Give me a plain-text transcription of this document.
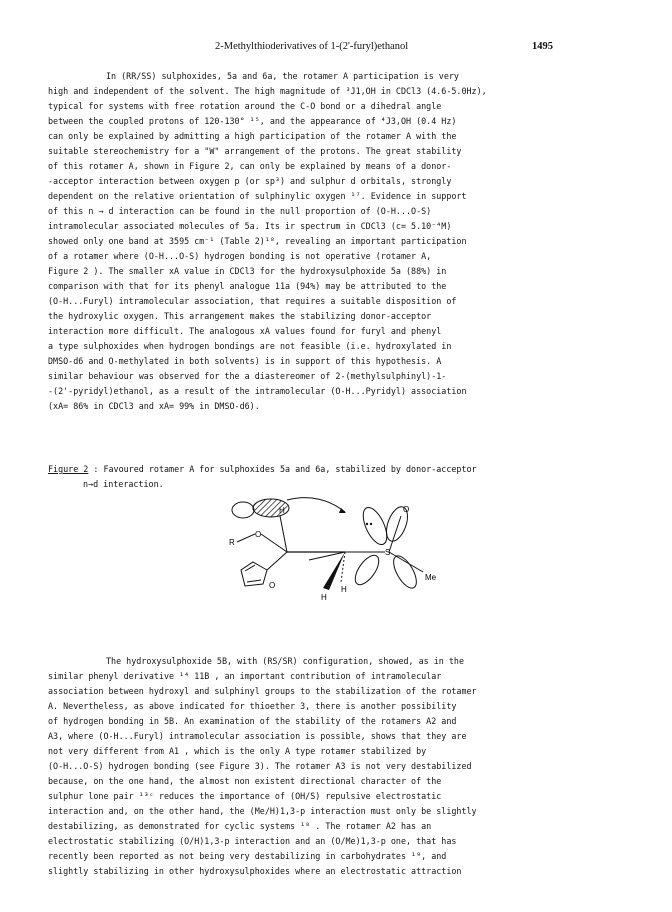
2-Methylthioderivatives of 1-(2'-furyl)ethanol	1495
In (RR/SS) sulphoxides, 5a and 6a, the rotamer A participation is very
high and independent of the solvent. The high magnitude of ³J1,OH in CDCl3 (4.6-5.0Hz),
typical for systems with free rotation around the C-O bond or a dihedral angle
between the coupled protons of 120-130° ¹⁵, and the appearance of ⁴J3,OH (0.4 Hz)
can only be explained by admitting a high participation of the rotamer A with the
suitable stereochemistry for a "W" arrangement of the protons. The great stability
of this rotamer A, shown in Figure 2, can only be explained by means of a donor-
-acceptor interaction between oxygen p (or sp³) and sulphur d orbitals, strongly
dependent on the relative orientation of sulphinylic oxygen ¹⁷. Evidence in support
of this n → d interaction can be found in the null proportion of (O-H...O-S)
intramolecular associated molecules of 5a. Its ir spectrum in CDCl3 (c= 5.10⁻⁴M)
showed only one band at 3595 cm⁻¹ (Table 2)¹⁸, revealing an important participation
of a rotamer where (O-H...O-S) hydrogen bonding is not operative (rotamer A,
Figure 2 ). The smaller xA value in CDCl3 for the hydroxysulphoxide 5a (88%) in
comparison with that for its phenyl analogue 11a (94%) may be attributed to the
(O-H...Furyl) intramolecular association, that requires a suitable disposition of
the hydroxylic oxygen. This arrangement makes the stabilizing donor-acceptor
interaction more difficult. The analogous xA values found for furyl and phenyl
a type sulphoxides when hydrogen bondings are not feasible (i.e. hydroxylated in
DMSO-d6 and O-methylated in both solvents) is in support of this hypothesis. A
similar behaviour was observed for the a diastereomer of 2-(methylsulphinyl)-1-
-(2'-pyridyl)ethanol, as a result of the intramolecular (O-H...Pyridyl) association
(xA= 86% in CDCl3 and xA= 99% in DMSO-d6).
Figure 2 : Favoured rotamer A for sulphoxides 5a and 6a, stabilized by donor-acceptor
n→d interaction.
R
O
H	O
S
Me
H
H
O
The hydroxysulphoxide 5B, with (RS/SR) configuration, showed, as in the
similar phenyl derivative ¹⁴ 11B , an important contribution of intramolecular
association between hydroxyl and sulphinyl groups to the stabilization of the rotamer
A. Nevertheless, as above indicated for thioether 3, there is another possibility
of hydrogen bonding in 5B. An examination of the stability of the rotamers A2 and
A3, where (O-H...Furyl) intramolecular association is possible, shows that they are
not very different from A1 , which is the only A type rotamer stabilized by
(O-H...O-S) hydrogen bonding (see Figure 3). The rotamer A3 is not very destabilized
because, on the one hand, the almost non existent directional character of the
sulphur lone pair ¹³ᶜ reduces the importance of (OH/S) repulsive electrostatic
interaction and, on the other hand, the (Me/H)1,3-p interaction must only be slightly
destabilizing, as demonstrated for cyclic systems ¹⁸ . The rotamer A2 has an
electrostatic stabilizing (O/H)1,3-p interaction and an (O/Me)1,3-p one, that has
recently been reported as not being very destabilizing in carbohydrates ¹⁹, and
slightly stabilizing in other hydroxysulphoxides where an electrostatic attraction
